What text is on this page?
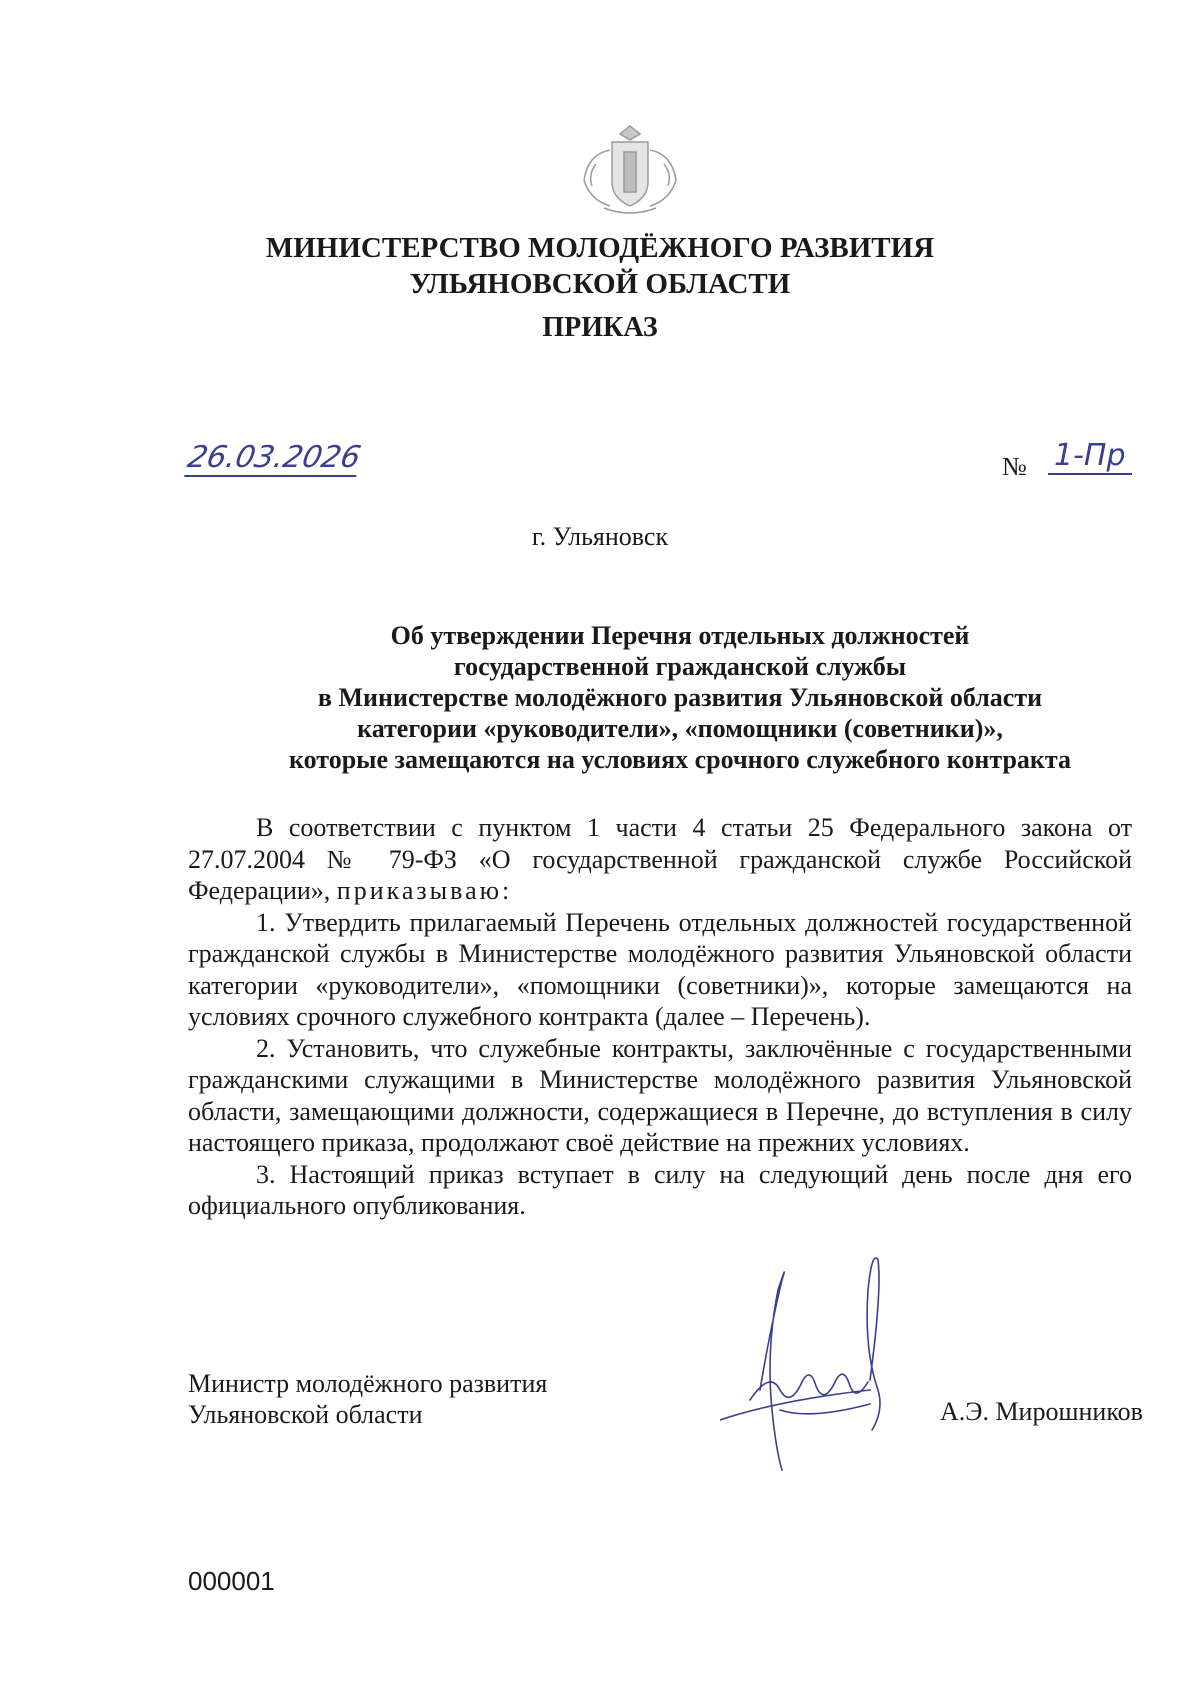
МИНИСТЕРСТВО МОЛОДЁЖНОГО РАЗВИТИЯ
УЛЬЯНОВСКОЙ ОБЛАСТИ
ПРИКАЗ
26.03.2026	№ 1-Пр
г. Ульяновск
Об утверждении Перечня отдельных должностей
государственной гражданской службы
в Министерстве молодёжного развития Ульяновской области
категории «руководители», «помощники (советники)»,
которые замещаются на условиях срочного служебного контракта

В соответствии с пунктом 1 части 4 статьи 25 Федерального закона от 27.07.2004 № 79-ФЗ «О государственной гражданской службе Российской Федерации», приказываю:

1. Утвердить прилагаемый Перечень отдельных должностей государственной гражданской службы в Министерстве молодёжного развития Ульяновской области категории «руководители», «помощники (советники)», которые замещаются на условиях срочного служебного контракта (далее – Перечень).

2. Установить, что служебные контракты, заключённые с государственными гражданскими служащими в Министерстве молодёжного развития Ульяновской области, замещающими должности, содержащиеся в Перечне, до вступления в силу настоящего приказа, продолжают своё действие на прежних условиях.

3. Настоящий приказ вступает в силу на следующий день после дня его официального опубликования.

Министр молодёжного развития
Ульяновской области	А.Э. Мирошников
000001
